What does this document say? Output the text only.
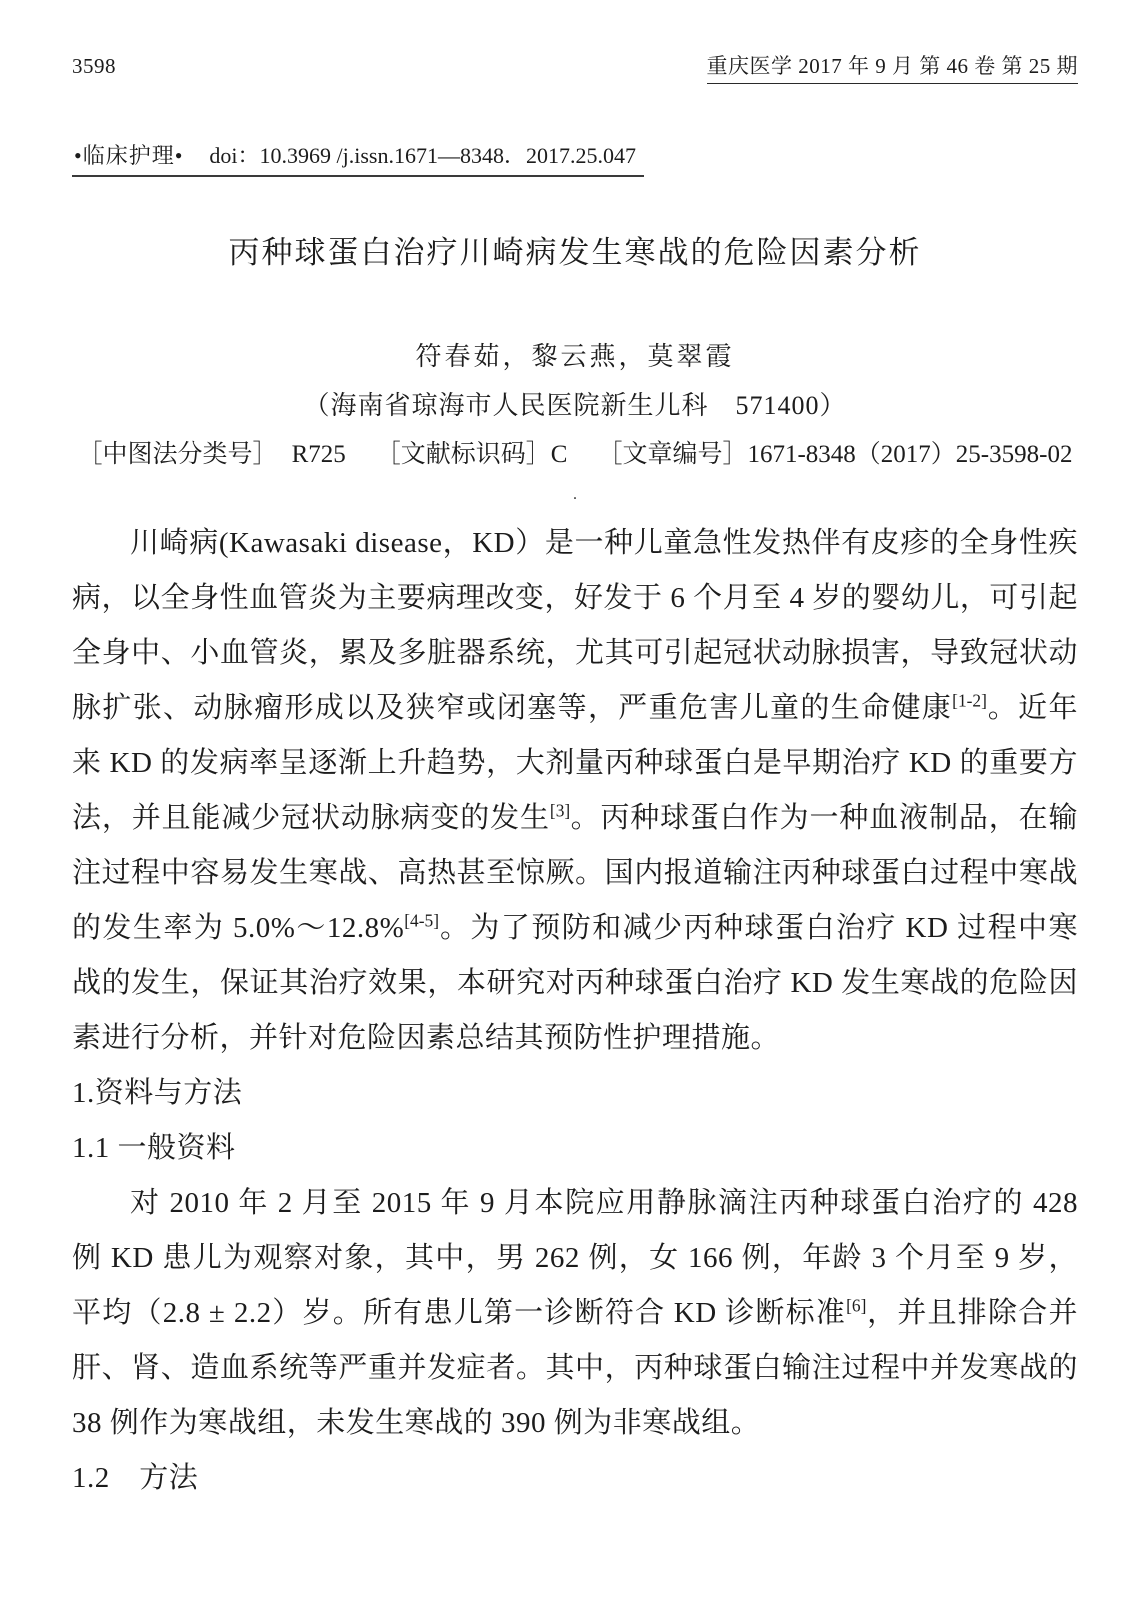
3598	重庆医学 2017 年 9 月 第 46 卷 第 25 期
•临床护理• doi：10.3969 /j.issn.1671—8348．2017.25.047
丙种球蛋白治疗川崎病发生寒战的危险因素分析
符春茹，黎云燕，莫翠霞
（海南省琼海市人民医院新生儿科　571400）
［中图法分类号］ R725 ［文献标识码］C ［文章编号］1671-8348（2017）25-3598-02
.

川崎病(Kawasaki disease，KD）是一种儿童急性发热伴有皮疹的全身性疾病，以全身性血管炎为主要病理改变，好发于 6 个月至 4 岁的婴幼儿，可引起全身中、小血管炎，累及多脏器系统，尤其可引起冠状动脉损害，导致冠状动脉扩张、动脉瘤形成以及狭窄或闭塞等，严重危害儿童的生命健康[1-2]。近年来 KD 的发病率呈逐渐上升趋势，大剂量丙种球蛋白是早期治疗 KD 的重要方法，并且能减少冠状动脉病变的发生[3]。丙种球蛋白作为一种血液制品，在输注过程中容易发生寒战、高热甚至惊厥。国内报道输注丙种球蛋白过程中寒战的发生率为 5.0%～12.8%[4-5]。为了预防和减少丙种球蛋白治疗 KD 过程中寒战的发生，保证其治疗效果，本研究对丙种球蛋白治疗 KD 发生寒战的危险因素进行分析，并针对危险因素总结其预防性护理措施。

1.资料与方法

1.1 一般资料

对 2010 年 2 月至 2015 年 9 月本院应用静脉滴注丙种球蛋白治疗的 428 例 KD 患儿为观察对象，其中，男 262 例，女 166 例，年龄 3 个月至 9 岁，平均（2.8 ± 2.2）岁。所有患儿第一诊断符合 KD 诊断标准[6]，并且排除合并肝、肾、造血系统等严重并发症者。其中，丙种球蛋白输注过程中并发寒战的 38 例作为寒战组，未发生寒战的 390 例为非寒战组。

1.2　方法
